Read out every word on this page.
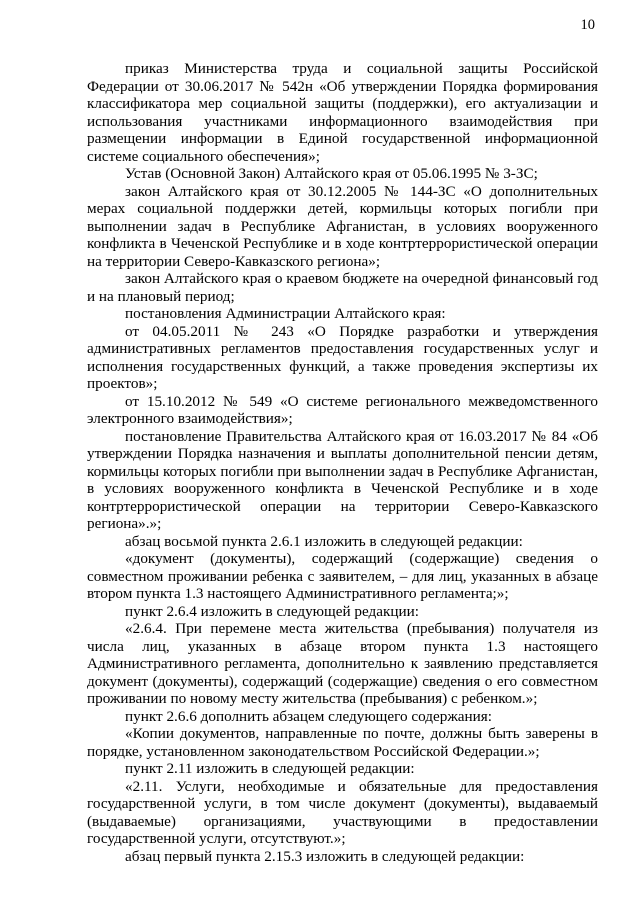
10

приказ Министерства труда и социальной защиты Российской Федерации от 30.06.2017 № 542н «Об утверждении Порядка формирования классификатора мер социальной защиты (поддержки), его актуализации и использования участниками информационного взаимодействия при размещении информации в Единой государственной информационной системе социального обеспечения»;

Устав (Основной Закон) Алтайского края от 05.06.1995 № 3-ЗС;

закон Алтайского края от 30.12.2005 № 144-ЗС «О дополнительных мерах социальной поддержки детей, кормильцы которых погибли при выполнении задач в Республике Афганистан, в условиях вооруженного конфликта в Чеченской Республике и в ходе контртеррористической операции на территории Северо-Кавказского региона»;

закон Алтайского края о краевом бюджете на очередной финансовый год и на плановый период;

постановления Администрации Алтайского края:

от 04.05.2011 № 243 «О Порядке разработки и утверждения административных регламентов предоставления государственных услуг и исполнения государственных функций, а также проведения экспертизы их проектов»;

от 15.10.2012 № 549 «О системе регионального межведомственного электронного взаимодействия»;

постановление Правительства Алтайского края от 16.03.2017 № 84 «Об утверждении Порядка назначения и выплаты дополнительной пенсии детям, кормильцы которых погибли при выполнении задач в Республике Афганистан, в условиях вооруженного конфликта в Чеченской Республике и в ходе контртеррористической операции на территории Северо-Кавказского региона».»;

абзац восьмой пункта 2.6.1 изложить в следующей редакции:

«документ (документы), содержащий (содержащие) сведения о совместном проживании ребенка с заявителем, – для лиц, указанных в абзаце втором пункта 1.3 настоящего Административного регламента;»;

пункт 2.6.4 изложить в следующей редакции:

«2.6.4. При перемене места жительства (пребывания) получателя из числа лиц, указанных в абзаце втором пункта 1.3 настоящего Административного регламента, дополнительно к заявлению представляется документ (документы), содержащий (содержащие) сведения о его совместном проживании по новому месту жительства (пребывания) с ребенком.»;

пункт 2.6.6 дополнить абзацем следующего содержания:

«Копии документов, направленные по почте, должны быть заверены в порядке, установленном законодательством Российской Федерации.»;

пункт 2.11 изложить в следующей редакции:

«2.11. Услуги, необходимые и обязательные для предоставления государственной услуги, в том числе документ (документы), выдаваемый (выдаваемые) организациями, участвующими в предоставлении государственной услуги, отсутствуют.»;

абзац первый пункта 2.15.3 изложить в следующей редакции:
